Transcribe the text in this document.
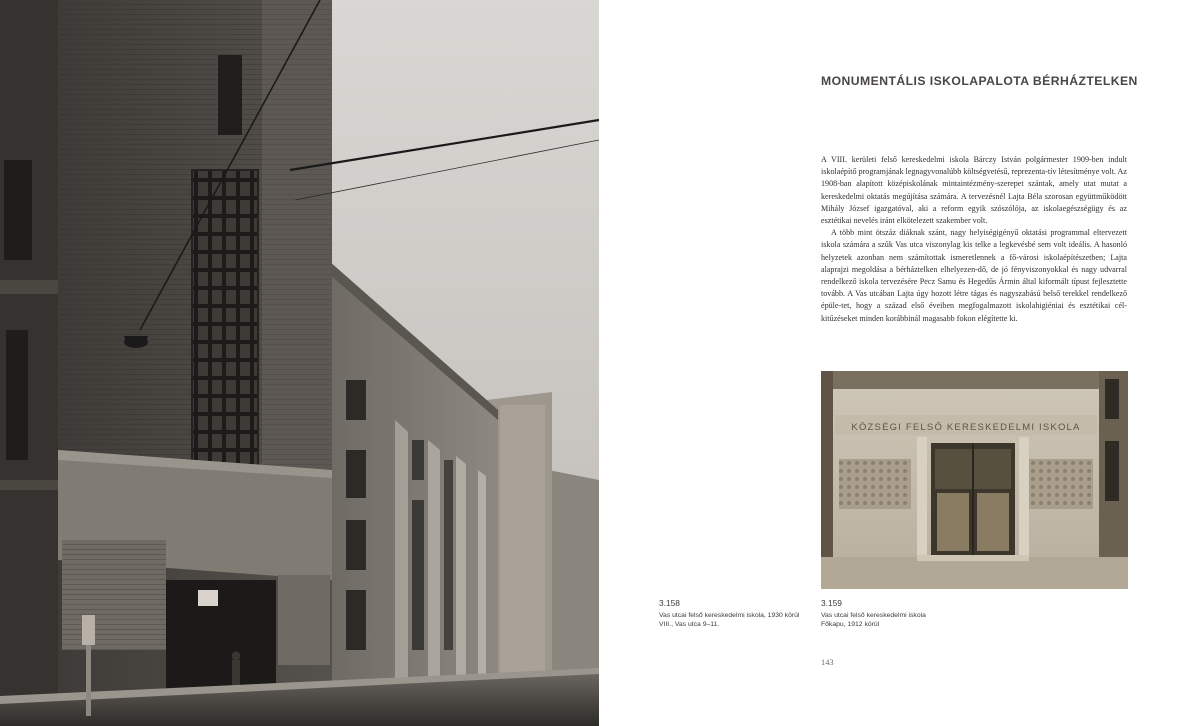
MONUMENTÁLIS ISKOLAPALOTA BÉRHÁZTELKEN

A VIII. kerületi felső kereskedelmi iskola Bárczy István polgármester 1909-ben indult iskolaépítő programjának legnagyvonalúbb költségvetésű, reprezenta-tív létesítménye volt. Az 1908-ban alapított középiskolának mintaintézmény-szerepet szántak, amely utat mutat a kereskedelmi oktatás megújítása számára. A tervezésnél Lajta Béla szorosan együttműködött Mihály József igazgatóval, aki a reform egyik szószólója, az iskolaegészségügy és az esztétikai nevelés iránt elkötelezett szakember volt.

A több mint ötszáz diáknak szánt, nagy helyiségigényű oktatási programmal eltervezett iskola számára a szűk Vas utca viszonylag kis telke a legkevésbé sem volt ideális. A hasonló helyzetek azonban nem számítottak ismeretlennek a fő-városi iskolaépítészetben; Lajta alaprajzi megoldása a bérháztelken elhelyezen-dő, de jó fényviszonyokkal és nagy udvarral rendelkező iskola tervezésére Pecz Samu és Hegedűs Ármin által kiformált típust fejlesztette tovább. A Vas utcában Lajta úgy hozott létre tágas és nagyszabású belső terekkel rendelkező épüle-tet, hogy a század első éveiben megfogalmazott iskolahigiéniai és esztétikai cél-kitűzéseket minden korábbinál magasabb fokon elégítette ki.

KÖZSÉGI FELSŐ KERESKEDELMI ISKOLA
143
3.159
Vas utcai felső kereskedelmi iskola
Főkapu, 1912 körül
3.158
Vas utcai felső kereskedelmi iskola, 1930 körül
VIII., Vas utca 9–11.
